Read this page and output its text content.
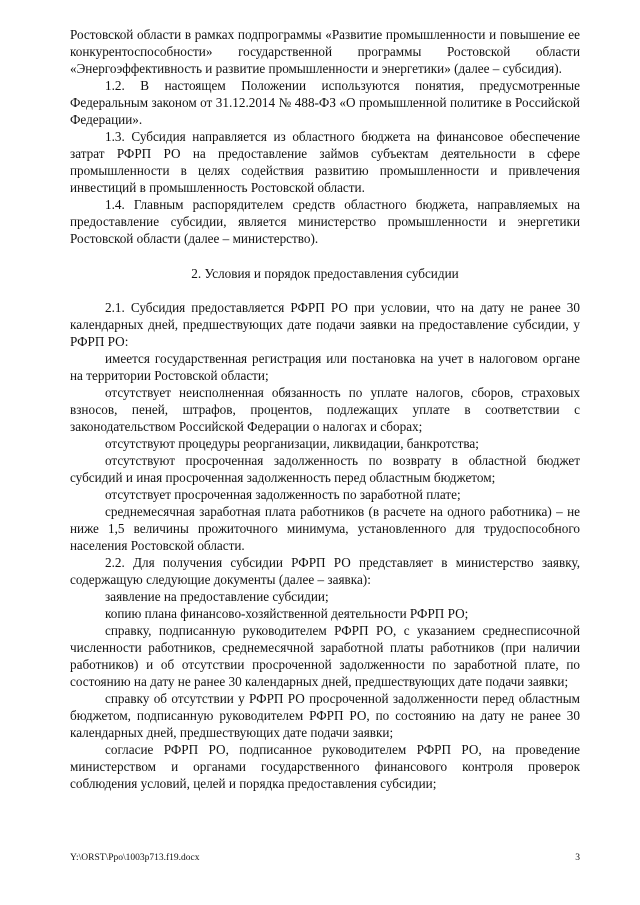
Ростовской области в рамках подпрограммы «Развитие промышленности и повышение ее конкурентоспособности» государственной программы Ростовской области «Энергоэффективность и развитие промышленности и энергетики» (далее – субсидия).

1.2. В настоящем Положении используются понятия, предусмотренные Федеральным законом от 31.12.2014 № 488-ФЗ «О промышленной политике в Российской Федерации».

1.3. Субсидия направляется из областного бюджета на финансовое обеспечение затрат РФРП РО на предоставление займов субъектам деятельности в сфере промышленности в целях содействия развитию промышленности и привлечения инвестиций в промышленность Ростовской области.

1.4. Главным распорядителем средств областного бюджета, направляемых на предоставление субсидии, является министерство промышленности и энергетики Ростовской области (далее – министерство).

2. Условия и порядок предоставления субсидии

2.1. Субсидия предоставляется РФРП РО при условии, что на дату не ранее 30 календарных дней, предшествующих дате подачи заявки на предоставление субсидии, у РФРП РО:

имеется государственная регистрация или постановка на учет в налоговом органе на территории Ростовской области;

отсутствует неисполненная обязанность по уплате налогов, сборов, страховых взносов, пеней, штрафов, процентов, подлежащих уплате в соответствии с законодательством Российской Федерации о налогах и сборах;

отсутствуют процедуры реорганизации, ликвидации, банкротства;

отсутствуют просроченная задолженность по возврату в областной бюджет субсидий и иная просроченная задолженность перед областным бюджетом;

отсутствует просроченная задолженность по заработной плате;

среднемесячная заработная плата работников (в расчете на одного работника) – не ниже 1,5 величины прожиточного минимума, установленного для трудоспособного населения Ростовской области.

2.2. Для получения субсидии РФРП РО представляет в министерство заявку, содержащую следующие документы (далее – заявка):

заявление на предоставление субсидии;

копию плана финансово-хозяйственной деятельности РФРП РО;

справку, подписанную руководителем РФРП РО, с указанием среднесписочной численности работников, среднемесячной заработной платы работников (при наличии работников) и об отсутствии просроченной задолженности по заработной плате, по состоянию на дату не ранее 30 календарных дней, предшествующих дате подачи заявки;

справку об отсутствии у РФРП РО просроченной задолженности перед областным бюджетом, подписанную руководителем РФРП РО, по состоянию на дату не ранее 30 календарных дней, предшествующих дате подачи заявки;

согласие РФРП РО, подписанное руководителем РФРП РО, на проведение министерством и органами государственного финансового контроля проверок соблюдения условий, целей и порядка предоставления субсидии;

Y:\ORST\Ppo\1003p713.f19.docx	3
